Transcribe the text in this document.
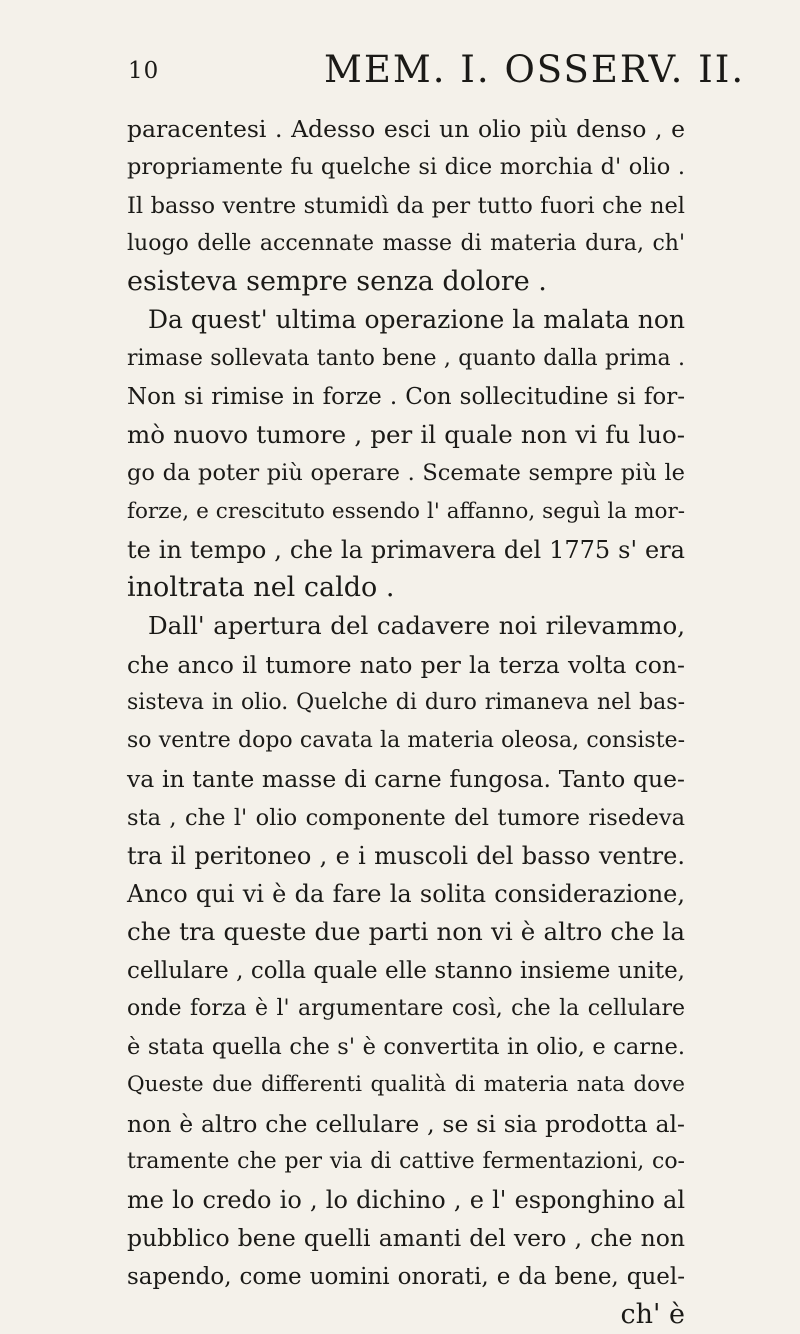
10	MEM. I. OSSERV. II.
paracentesi . Adesso esci un olio più denso , e
propriamente fu quelche si dice morchia d' olio .
Il basso ventre stumidì da per tutto fuori che nel
luogo delle accennate masse di materia dura, ch'
esisteva sempre senza dolore .
Da quest' ultima operazione la malata non
rimase sollevata tanto bene , quanto dalla prima .
Non si rimise in forze . Con sollecitudine si for-
mò nuovo tumore , per il quale non vi fu luo-
go da poter più operare . Scemate sempre più le
forze, e crescituto essendo l' affanno, seguì la mor-
te in tempo , che la primavera del 1775 s' era
inoltrata nel caldo .
Dall' apertura del cadavere noi rilevammo,
che anco il tumore nato per la terza volta con-
sisteva in olio. Quelche di duro rimaneva nel bas-
so ventre dopo cavata la materia oleosa, consiste-
va in tante masse di carne fungosa. Tanto que-
sta , che l' olio componente del tumore risedeva
tra il peritoneo , e i muscoli del basso ventre.
Anco qui vi è da fare la solita considerazione,
che tra queste due parti non vi è altro che la
cellulare , colla quale elle stanno insieme unite,
onde forza è l' argumentare così, che la cellulare
è stata quella che s' è convertita in olio, e carne.
Queste due differenti qualità di materia nata dove
non è altro che cellulare , se si sia prodotta al-
tramente che per via di cattive fermentazioni, co-
me lo credo io , lo dichino , e l' esponghino al
pubblico bene quelli amanti del vero , che non
sapendo, come uomini onorati, e da bene, quel-
ch' è
